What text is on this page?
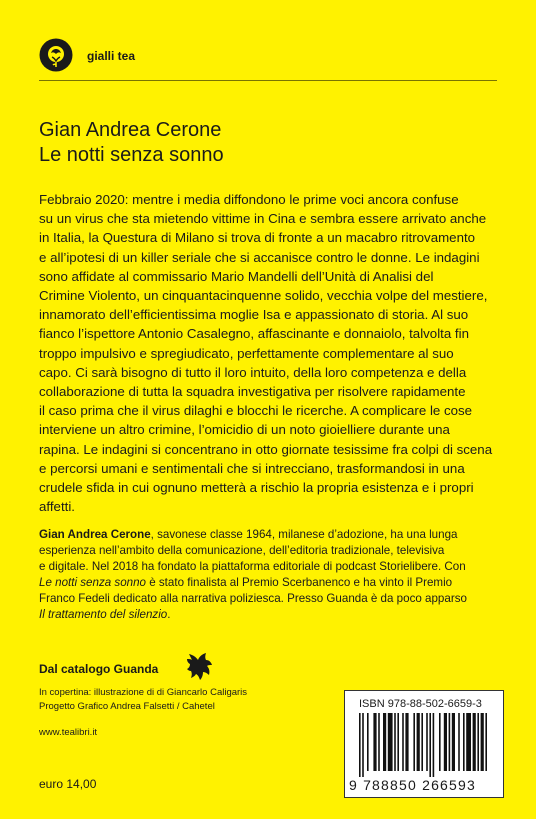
gialli tea
Gian Andrea Cerone
Le notti senza sonno
Febbraio 2020: mentre i media diffondono le prime voci ancora confuse
su un virus che sta mietendo vittime in Cina e sembra essere arrivato anche
in Italia, la Questura di Milano si trova di fronte a un macabro ritrovamento
e all’ipotesi di un killer seriale che si accanisce contro le donne. Le indagini
sono affidate al commissario Mario Mandelli dell’Unità di Analisi del
Crimine Violento, un cinquantacinquenne solido, vecchia volpe del mestiere,
innamorato dell’efficientissima moglie Isa e appassionato di storia. Al suo
fianco l’ispettore Antonio Casalegno, affascinante e donnaiolo, talvolta fin
troppo impulsivo e spregiudicato, perfettamente complementare al suo
capo. Ci sarà bisogno di tutto il loro intuito, della loro competenza e della
collaborazione di tutta la squadra investigativa per risolvere rapidamente
il caso prima che il virus dilaghi e blocchi le ricerche. A complicare le cose
interviene un altro crimine, l’omicidio di un noto gioielliere durante una
rapina. Le indagini si concentrano in otto giornate tesissime fra colpi di scena
e percorsi umani e sentimentali che si intrecciano, trasformandosi in una
crudele sfida in cui ognuno metterà a rischio la propria esistenza e i propri
affetti.
Gian Andrea Cerone, savonese classe 1964, milanese d’adozione, ha una lunga
esperienza nell’ambito della comunicazione, dell’editoria tradizionale, televisiva
e digitale. Nel 2018 ha fondato la piattaforma editoriale di podcast Storielibere. Con
Le notti senza sonno è stato finalista al Premio Scerbanenco e ha vinto il Premio
Franco Fedeli dedicato alla narrativa poliziesca. Presso Guanda è da poco apparso
Il trattamento del silenzio.
Dal catalogo Guanda
In copertina: illustrazione di di Giancarlo Caligaris
Progetto Grafico Andrea Falsetti / Cahetel
www.tealibri.it
euro 14,00
ISBN 978-88-502-6659-3
9 788850 266593
